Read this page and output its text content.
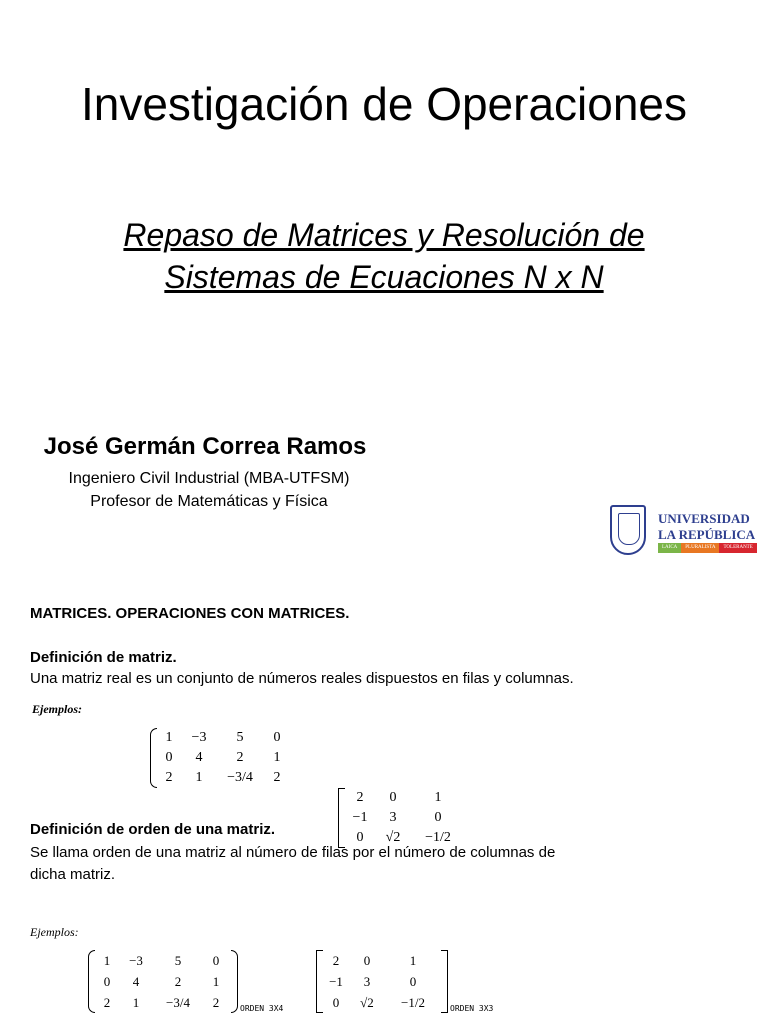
Investigación de Operaciones
Repaso de Matrices y Resolución de
Sistemas de Ecuaciones N x N
José Germán Correa Ramos
Ingeniero Civil Industrial (MBA-UTFSM)
Profesor de Matemáticas y Física
UNIVERSIDAD
LA REPÚBLICA
LAICA	PLURALISTA	TOLERANTE
MATRICES. OPERACIONES CON MATRICES.
Definición de matriz.
Una matriz real es un conjunto de números reales dispuestos en filas y columnas.
Ejemplos:
1	−3	5	0
0	4	2	1
2	1	−3/4	2
2	0	1
−1	3	0
0	√2	−1/2
Definición de orden de una matriz.
Se llama orden de una matriz al número de filas por el número de columnas de
dicha matriz.
Ejemplos:
1	−3	5	0
0	4	2	1
2	1	−3/4	2	ORDEN 3X4
2	0	1
−1	3	0
0	√2	−1/2	ORDEN 3X3
